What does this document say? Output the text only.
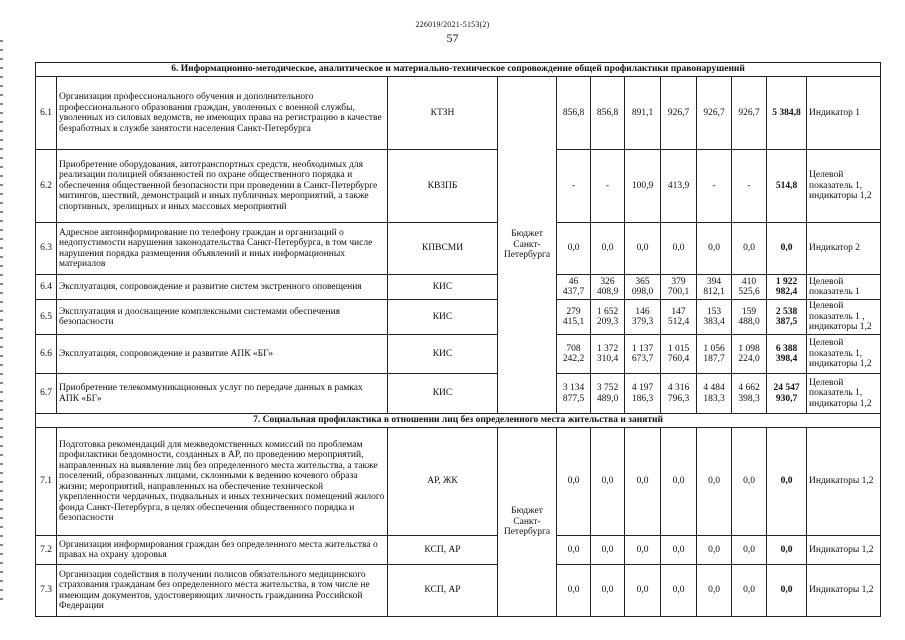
226019/2021-5153(2)
57
6. Информационно-методическое, аналитическое и материально-техническое сопровождение общей профилактики правонарушений											
6.1	Организация профессионального обучения и дополнительного профессионального образования граждан, уволенных с военной службы, уволенных из силовых ведомств, не имеющих права на регистрацию в качестве безработных в службе занятости населения Санкт-Петербурга	КТЗН	Бюджет Санкт-Петербурга	856,8	856,8	891,1	926,7	926,7	926,7	5 384,8	Индикатор 1
6.2	Приобретение оборудования, автотранспортных средств, необходимых для реализации полицией обязанностей по охране общественного порядка и обеспечения общественной безопасности при проведении в Санкт-Петербурге митингов, шествий, демонстраций и иных публичных мероприятий, а также спортивных, зрелищных и иных массовых мероприятий	КВЗПБ		-	-	100,9	413,9	-	-	514,8	Целевой показатель 1, индикаторы 1,2
6.3	Адресное автоинформирование по телефону граждан и организаций о недопустимости нарушения законодательства Санкт-Петербурга, в том числе нарушения порядка размещения объявлений и иных информационных материалов	КПВСМИ		0,0	0,0	0,0	0,0	0,0	0,0	0,0	Индикатор 2
6.4	Эксплуатация, сопровождение и развитие систем экстренного оповещения	КИС		46 437,7	326 408,9	365 098,0	379 700,1	394 812,1	410 525,6	1 922 982,4	Целевой показатель 1
6.5	Эксплуатация и дооснащение комплексными системами обеспечения безопасности	КИС		279 415,1	1 652 209,3	146 379,3	147 512,4	153 383,4	159 488,0	2 538 387,5	Целевой показатель 1 , индикаторы 1,2
6.6	Эксплуатация, сопровождение и развитие АПК «БГ»	КИС		708 242,2	1 372 310,4	1 137 673,7	1 015 760,4	1 056 187,7	1 098 224,0	6 388 398,4	Целевой показатель 1, индикаторы 1,2
6.7	Приобретение телекоммуникационных услуг по передаче данных в рамках АПК «БГ»	КИС		3 134 877,5	3 752 489,0	4 197 186,3	4 316 796,3	4 484 183,3	4 662 398,3	24 547 930,7	Целевой показатель 1, индикаторы 1,2
7. Социальная профилактика в отношении лиц без определенного места жительства и занятий											
7.1	Подготовка рекомендаций для межведомственных комиссий по проблемам профилактики бездомности, созданных в АР, по проведению мероприятий, направленных на выявление лиц без определенного места жительства, а также поселений, образованных лицами, склонными к ведению кочевого образа жизни; мероприятий, направленных на обеспечение технической укрепленности чердачных, подвальных и иных технических помещений жилого фонда Санкт-Петербурга, в целях обеспечения общественного порядка и безопасности	АР, ЖК	Бюджет Санкт-Петербурга	0,0	0,0	0,0	0,0	0,0	0,0	0,0	Индикаторы 1,2
7.2	Организация информирования граждан без определенного места жительства о правах на охрану здоровья	КСП, АР		0,0	0,0	0,0	0,0	0,0	0,0	0,0	Индикаторы 1,2
7.3	Организация содействия в получении полисов обязательного медицинского страхования гражданам без определенного места жительства, в том числе не имеющим документов, удостоверяющих личность гражданина Российской Федерации	КСП, АР		0,0	0,0	0,0	0,0	0,0	0,0	0,0	Индикаторы 1,2
